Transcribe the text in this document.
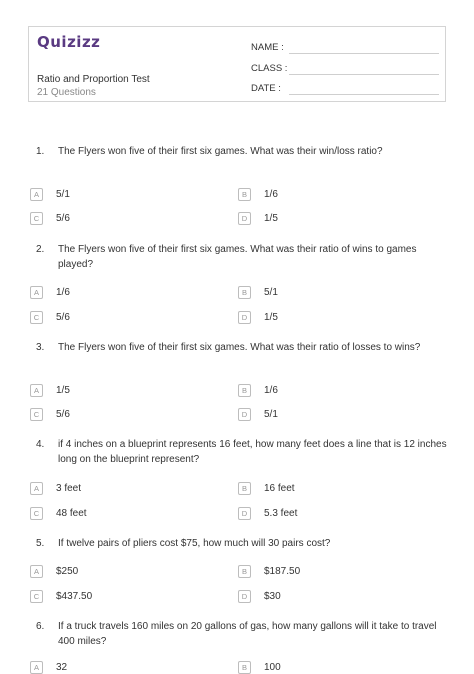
Quizizz
Ratio and Proportion Test
21 Questions
NAME :
CLASS :
DATE :
1.	The Flyers won five of their first six games. What was their win/loss ratio?
A	5/1	B	1/6
C	5/6	D	1/5
2.	The Flyers won five of their first six games. What was their ratio of wins to games played?
A	1/6	B	5/1
C	5/6	D	1/5
3.	The Flyers won five of their first six games. What was their ratio of losses to wins?
A	1/5	B	1/6
C	5/6	D	5/1
4.	if 4 inches on a blueprint represents 16 feet, how many feet does a line that is 12 inches long on the blueprint represent?
A	3 feet	B	16 feet
C	48 feet	D	5.3 feet
5.	If twelve pairs of pliers cost $75, how much will 30 pairs cost?
A	$250	B	$187.50
C	$437.50	D	$30
6.	If a truck travels 160 miles on 20 gallons of gas, how many gallons will it take to travel 400 miles?
A	32	B	100
